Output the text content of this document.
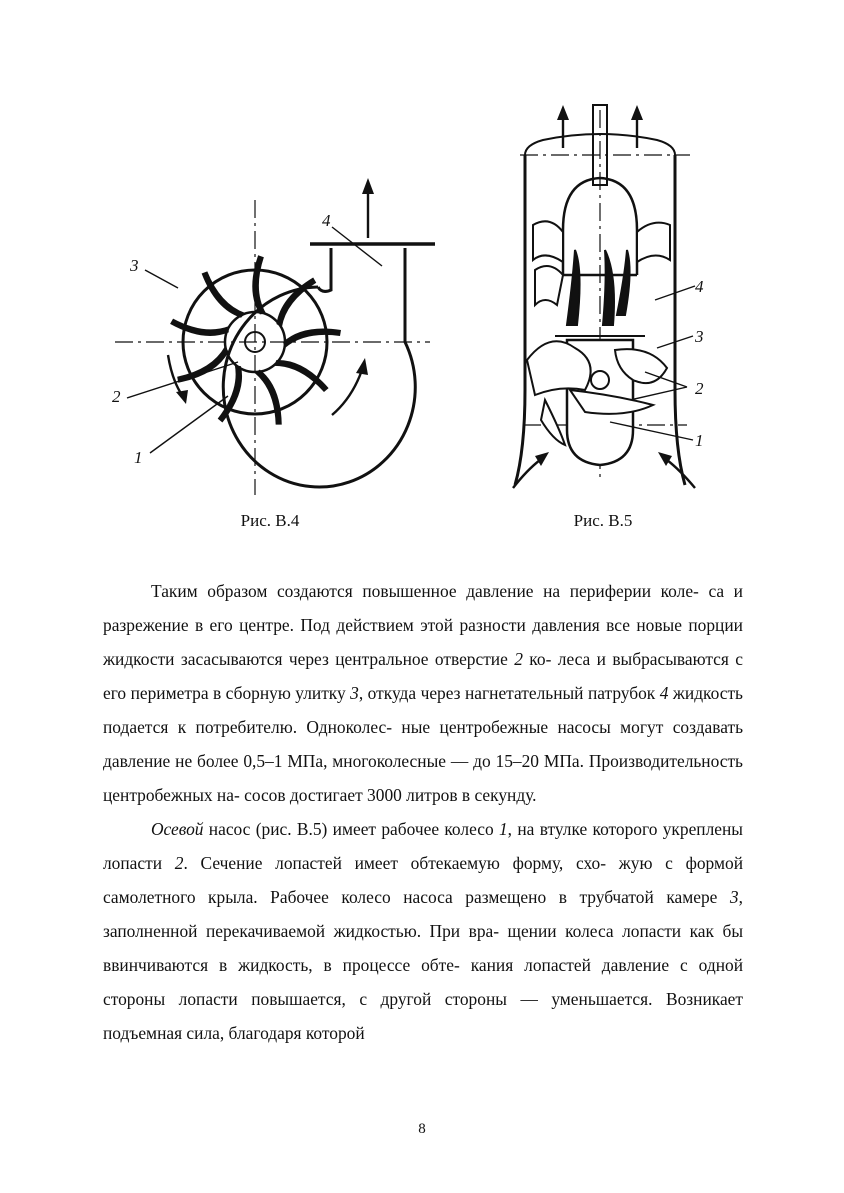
3
2
1
4
Рис. В.4
4
3
2
1
Рис. В.5

Таким образом создаются повышенное давление на периферии коле- са и разрежение в его центре. Под действием этой разности давления все новые порции жидкости засасываются через центральное отверстие 2 ко- леса и выбрасываются с его периметра в сборную улитку 3, откуда через нагнетательный патрубок 4 жидкость подается к потребителю. Одноколес- ные центробежные насосы могут создавать давление не более 0,5–1 МПа, многоколесные — до 15–20 МПа. Производительность центробежных на- сосов достигает 3000 литров в секунду.

Осевой насос (рис. В.5) имеет рабочее колесо 1, на втулке которого укреплены лопасти 2. Сечение лопастей имеет обтекаемую форму, схо- жую с формой самолетного крыла. Рабочее колесо насоса размещено в трубчатой камере 3, заполненной перекачиваемой жидкостью. При вра- щении колеса лопасти как бы ввинчиваются в жидкость, в процессе обте- кания лопастей давление с одной стороны лопасти повышается, с другой стороны — уменьшается. Возникает подъемная сила, благодаря которой

8
